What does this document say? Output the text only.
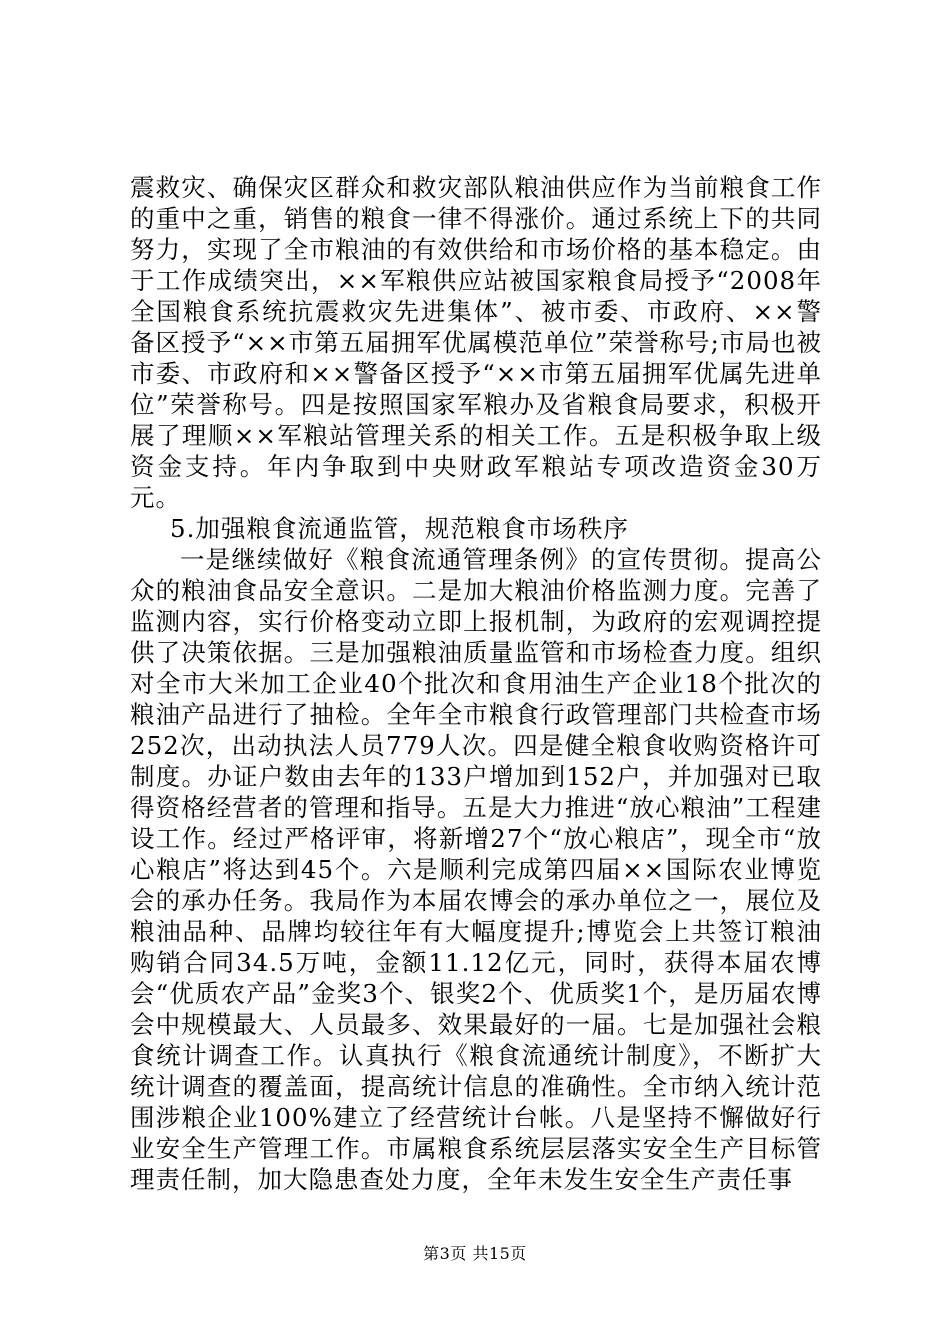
震救灾、确保灾区群众和救灾部队粮油供应作为当前粮食工作的重中之重，销售的粮食一律不得涨价。通过系统上下的共同努力，实现了全市粮油的有效供给和市场价格的基本稳定。由于工作成绩突出，××军粮供应站被国家粮食局授予“2008年全国粮食系统抗震救灾先进集体”、被市委、市政府、××警备区授予“××市第五届拥军优属模范单位”荣誉称号;市局也被市委、市政府和××警备区授予“××市第五届拥军优属先进单位”荣誉称号。四是按照国家军粮办及省粮食局要求，积极开展了理顺××军粮站管理关系的相关工作。五是积极争取上级资金支持。年内争取到中央财政军粮站专项改造资金30万元。

5.加强粮食流通监管，规范粮食市场秩序

一是继续做好《粮食流通管理条例》的宣传贯彻。提高公众的粮油食品安全意识。二是加大粮油价格监测力度。完善了监测内容，实行价格变动立即上报机制，为政府的宏观调控提供了决策依据。三是加强粮油质量监管和市场检查力度。组织对全市大米加工企业40个批次和食用油生产企业18个批次的粮油产品进行了抽检。全年全市粮食行政管理部门共检查市场252次，出动执法人员779人次。四是健全粮食收购资格许可制度。办证户数由去年的133户增加到152户，并加强对已取得资格经营者的管理和指导。五是大力推进“放心粮油”工程建设工作。经过严格评审，将新增27个“放心粮店”，现全市“放心粮店”将达到45个。六是顺利完成第四届××国际农业博览会的承办任务。我局作为本届农博会的承办单位之一，展位及粮油品种、品牌均较往年有大幅度提升;博览会上共签订粮油购销合同34.5万吨，金额11.12亿元，同时，获得本届农博会“优质农产品”金奖3个、银奖2个、优质奖1个，是历届农博会中规模最大、人员最多、效果最好的一届。七是加强社会粮食统计调查工作。认真执行《粮食流通统计制度》，不断扩大统计调查的覆盖面，提高统计信息的准确性。全市纳入统计范围涉粮企业100%建立了经营统计台帐。八是坚持不懈做好行业安全生产管理工作。市属粮食系统层层落实安全生产目标管理责任制，加大隐患查处力度，全年未发生安全生产责任事

第3页 共15页
